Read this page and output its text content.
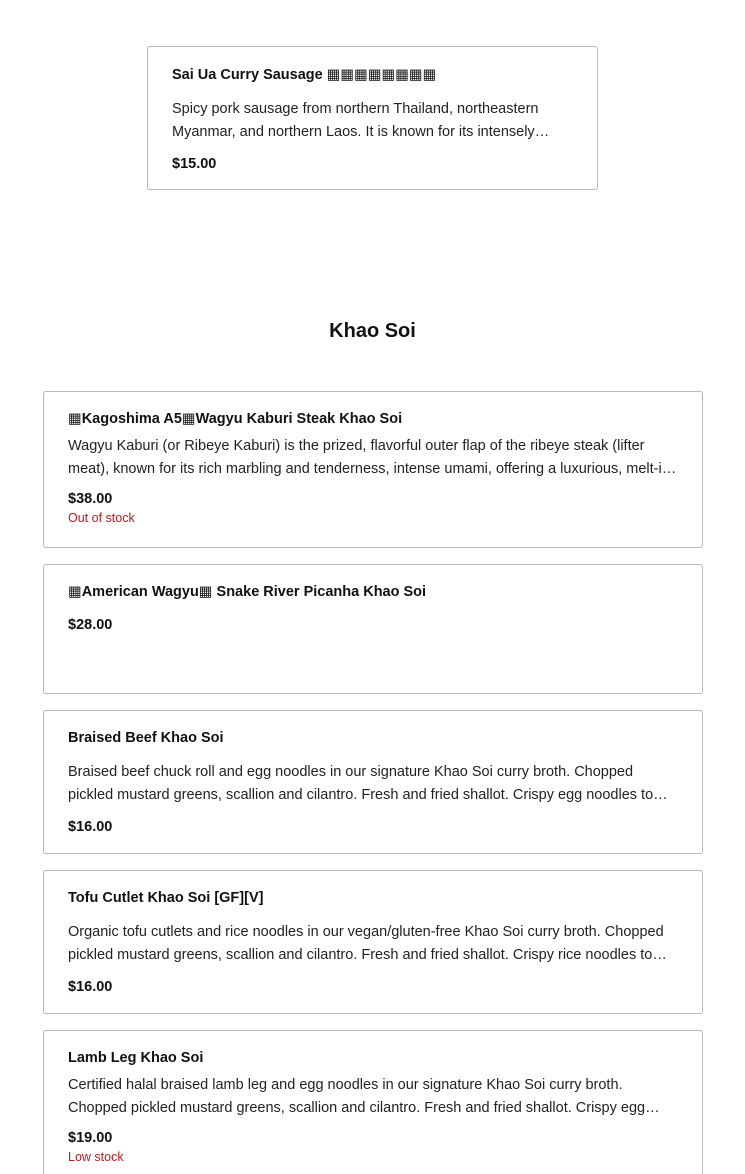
Sai Ua Curry Sausage ▦▦▦▦▦▦▦▦
Spicy pork sausage from northern Thailand, northeastern Myanmar, and northern Laos. It is known for its intensely
$15.00
Khao Soi
▦Kagoshima A5▦Wagyu Kaburi Steak Khao Soi
Wagyu Kaburi (or Ribeye Kaburi) is the prized, flavorful outer flap of the ribeye steak (lifter meat), known for its rich marbling and tenderness, intense umami, offering a luxurious, melt-in-
$38.00
Out of stock
▦American Wagyu▦ Snake River Picanha Khao Soi
$28.00
Braised Beef Khao Soi
Braised beef chuck roll and egg noodles in our signature Khao Soi curry broth. Chopped pickled mustard greens, scallion and cilantro. Fresh and fried shallot. Crispy egg noodles to
$16.00
Tofu Cutlet Khao Soi [GF][V]
Organic tofu cutlets and rice noodles in our vegan/gluten-free Khao Soi curry broth. Chopped pickled mustard greens, scallion and cilantro. Fresh and fried shallot. Crispy rice noodles to
$16.00
Lamb Leg Khao Soi
Certified halal braised lamb leg and egg noodles in our signature Khao Soi curry broth. Chopped pickled mustard greens, scallion and cilantro. Fresh and fried shallot. Crispy egg
$19.00
Low stock
